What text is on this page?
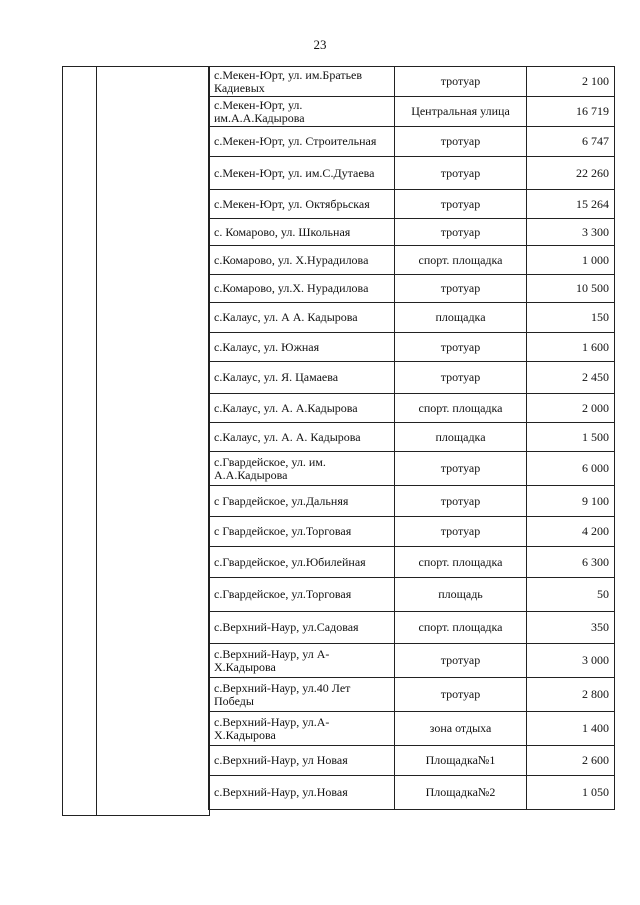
23
с.Мекен-Юрт, ул. им.Братьев Кадиевых	тротуар	2 100
с.Мекен-Юрт, ул. им.А.А.Кадырова	Центральная улица	16 719
с.Мекен-Юрт, ул. Строительная	тротуар	6 747
с.Мекен-Юрт, ул. им.С.Дутаева	тротуар	22 260
с.Мекен-Юрт, ул. Октябрьская	тротуар	15 264
с. Комарово, ул. Школьная	тротуар	3 300
с.Комарово, ул. Х.Нурадилова	спорт. площадка	1 000
с.Комарово, ул.Х. Нурадилова	тротуар	10 500
с.Калаус, ул. А А. Кадырова	площадка	150
с.Калаус, ул. Южная	тротуар	1 600
с.Калаус, ул. Я. Цамаева	тротуар	2 450
с.Калаус, ул. А. А.Кадырова	спорт. площадка	2 000
с.Калаус, ул. А. А. Кадырова	площадка	1 500
с.Гвардейское, ул. им. А.А.Кадырова	тротуар	6 000
с Гвардейское, ул.Дальняя	тротуар	9 100
с Гвардейское, ул.Торговая	тротуар	4 200
с.Гвардейское, ул.Юбилейная	спорт. площадка	6 300
с.Гвардейское, ул.Торговая	площадь	50
с.Верхний-Наур, ул.Садовая	спорт. площадка	350
с.Верхний-Наур, ул А-Х.Кадырова	тротуар	3 000
с.Верхний-Наур, ул.40 Лет Победы	тротуар	2 800
с.Верхний-Наур, ул.А-Х.Кадырова	зона отдыха	1 400
с.Верхний-Наур, ул Новая	Площадка№1	2 600
с.Верхний-Наур, ул.Новая	Площадка№2	1 050
